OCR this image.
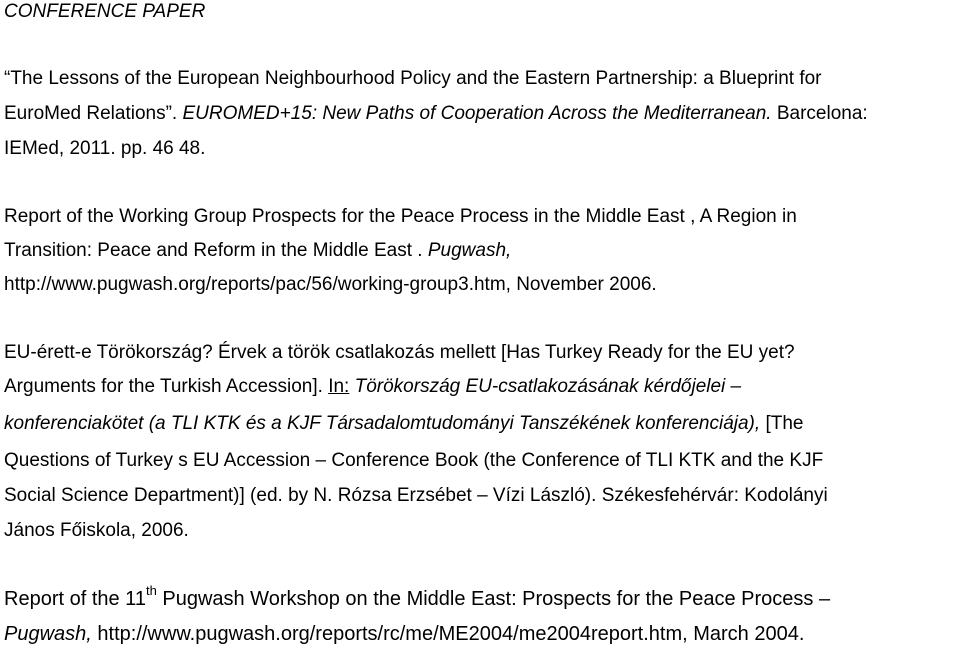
CONFERENCE PAPER
“The Lessons of the European Neighbourhood Policy and the Eastern Partnership: a Blueprint for
EuroMed Relations”. EUROMED+15: New Paths of Cooperation Across the Mediterranean. Barcelona:
IEMed, 2011. pp. 46 48.
Report of the Working Group Prospects for the Peace Process in the Middle East , A Region in
Transition: Peace and Reform in the Middle East . Pugwash,
http://www.pugwash.org/reports/pac/56/working-group3.htm, November 2006.
EU-érett-e Törökország? Érvek a török csatlakozás mellett [Has Turkey Ready for the EU yet?
Arguments for the Turkish Accession]. In: Törökország EU-csatlakozásának kérdőjelei –
konferenciakötet (a TLI KTK és a KJF Társadalomtudományi Tanszékének konferenciája), [The
Questions of Turkey s EU Accession – Conference Book (the Conference of TLI KTK and the KJF
Social Science Department)] (ed. by N. Rózsa Erzsébet – Vízi László). Székesfehérvár: Kodolányi
János Főiskola, 2006.
Report of the 11th Pugwash Workshop on the Middle East: Prospects for the Peace Process –
Pugwash, http://www.pugwash.org/reports/rc/me/ME2004/me2004report.htm, March 2004.
